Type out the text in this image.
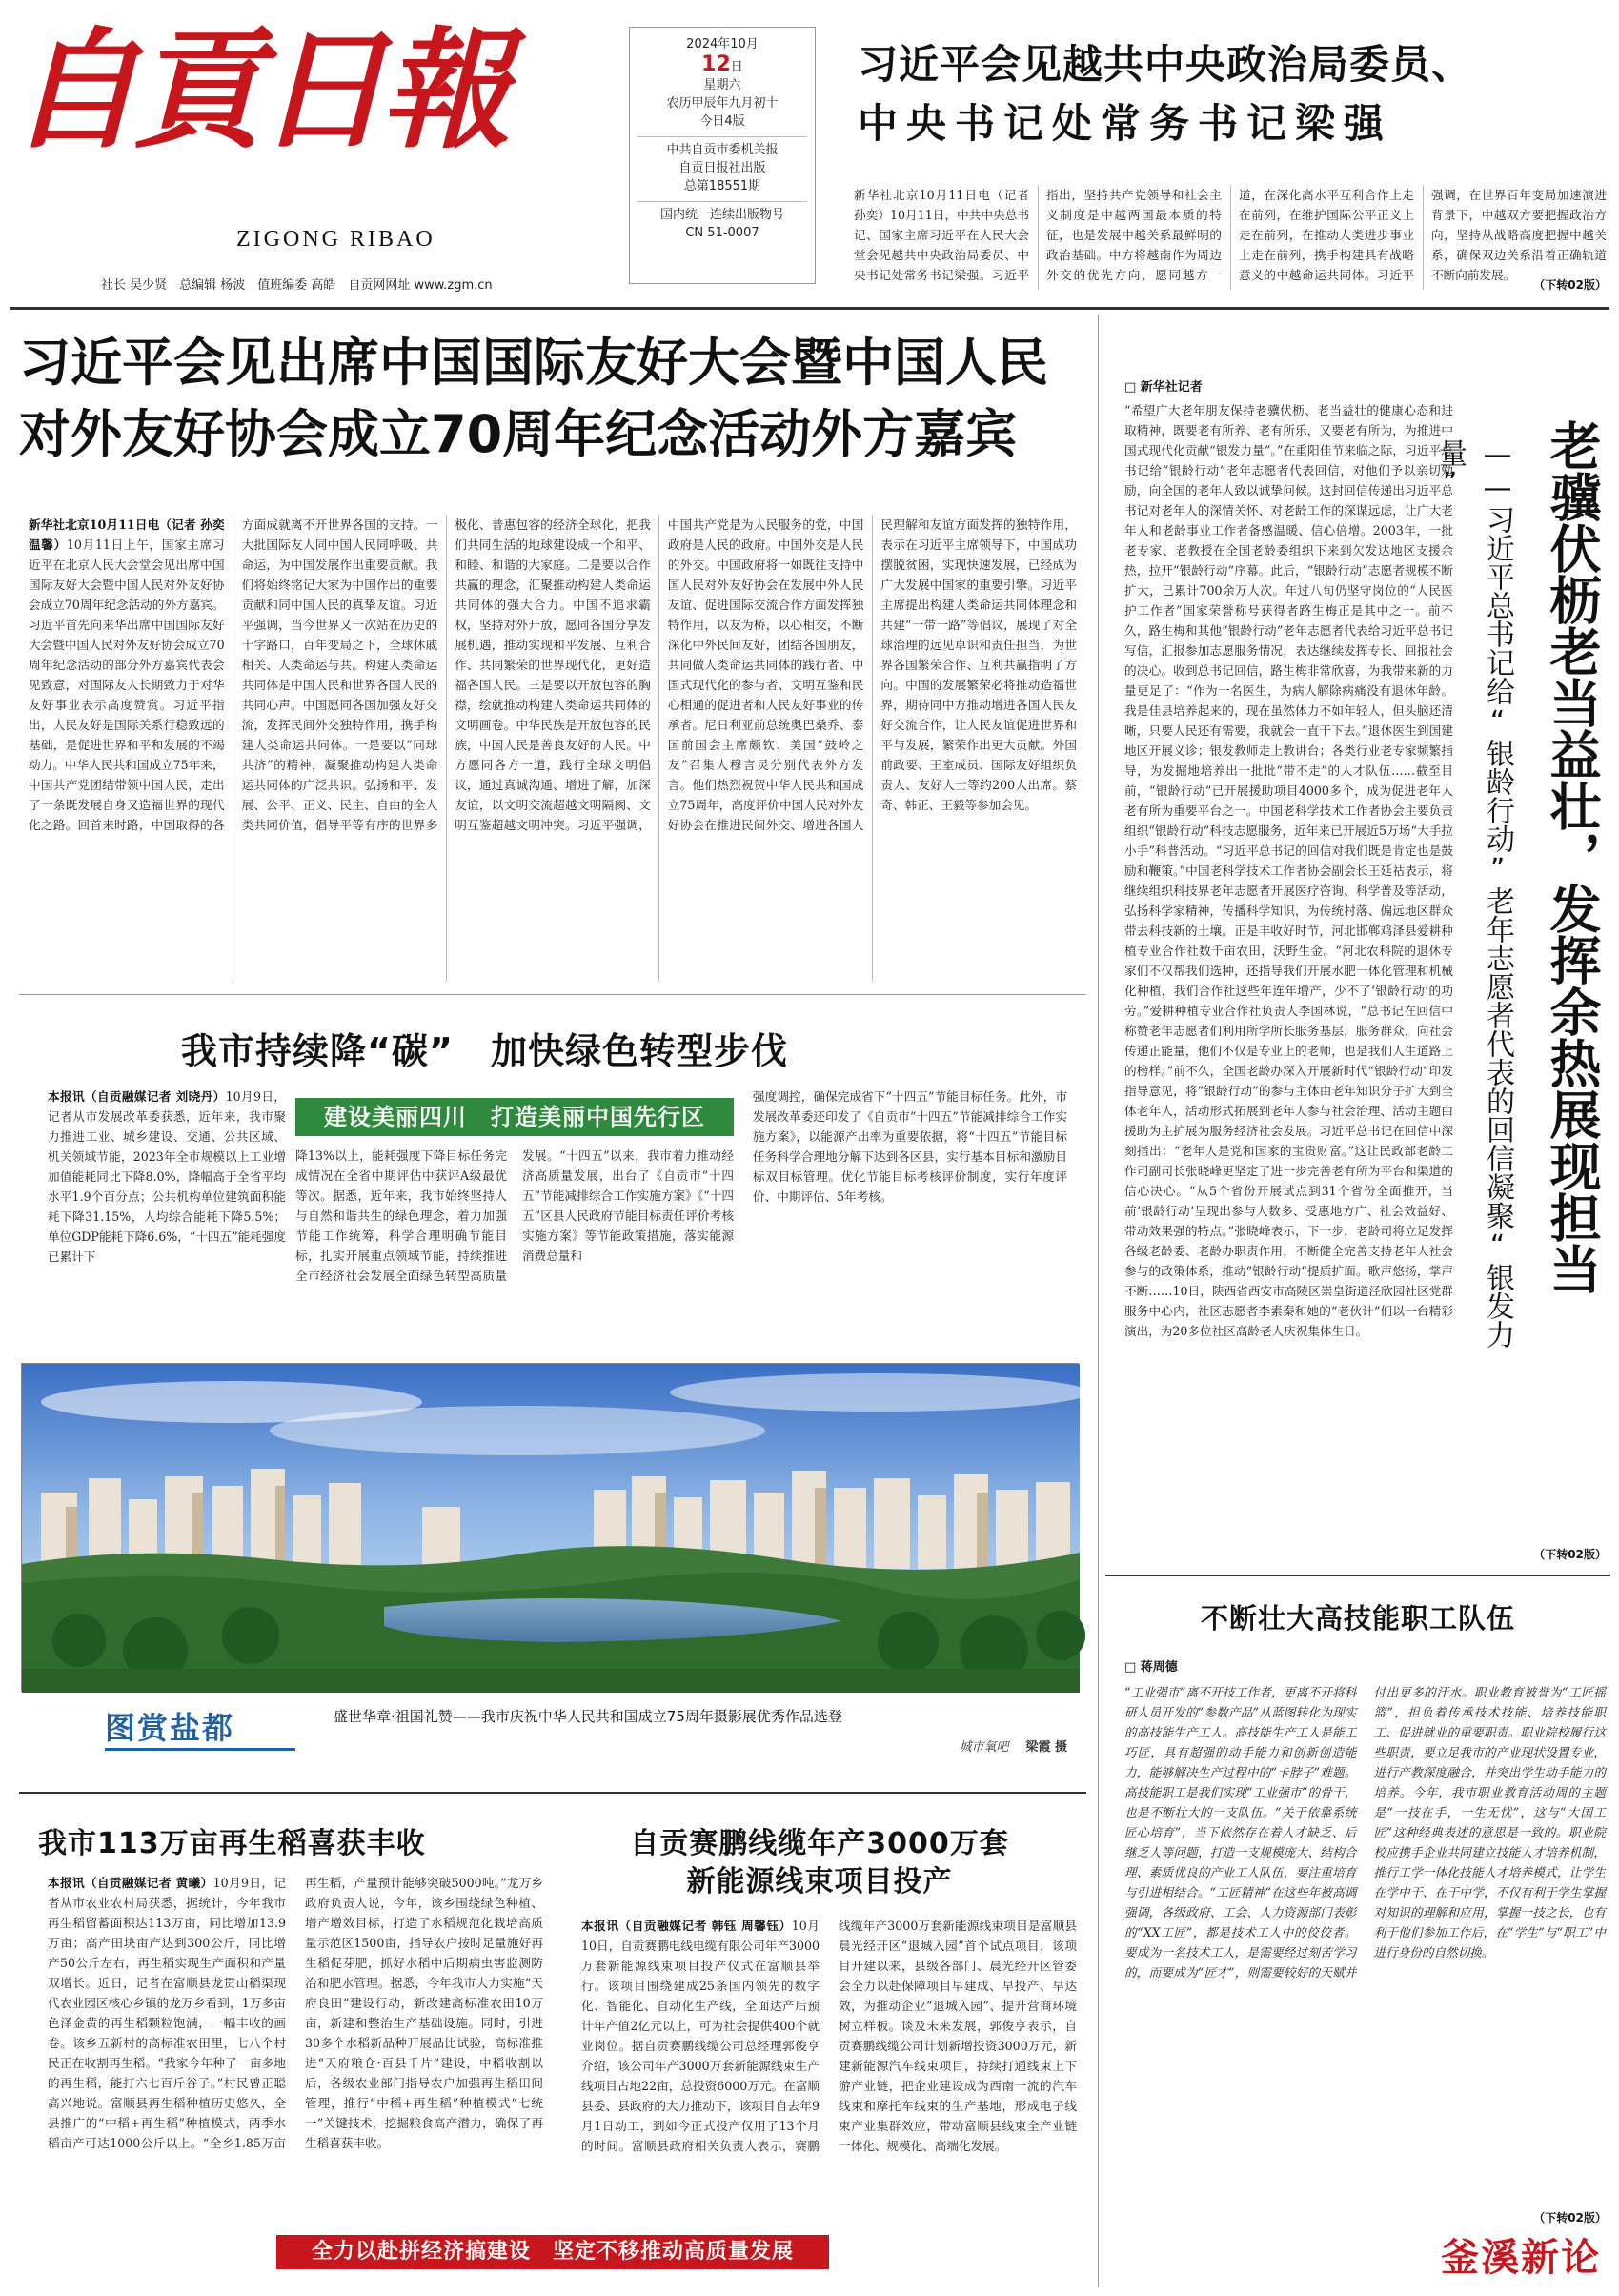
自貢日報
ZIGONG RIBAO
社长 吴少贤　总编辑 杨波　值班编委 高皓　自贡网网址 www.zgm.cn
2024年10月
12日
星期六
农历甲辰年九月初十
今日4版
中共自贡市委机关报
自贡日报社出版
总第18551期
国内统一连续出版物号
CN 51-0007
习近平会见越共中央政治局委员、
中央书记处常务书记梁强
新华社北京10月11日电（记者 孙奕）10月11日，中共中央总书记、国家主席习近平在人民大会堂会见越共中央政治局委员、中央书记处常务书记梁强。习近平指出，坚持共产党领导和社会主义制度是中越两国最本质的特征，也是发展中越关系最鲜明的政治基础。中方将越南作为周边外交的优先方向，愿同越方一道，在深化高水平互利合作上走在前列，在维护国际公平正义上走在前列，在推动人类进步事业上走在前列，携手构建具有战略意义的中越命运共同体。习近平强调，在世界百年变局加速演进背景下，中越双方要把握政治方向，坚持从战略高度把握中越关系，确保双边关系沿着正确轨道不断向前发展。
（下转02版）
习近平会见出席中国国际友好大会暨中国人民
对外友好协会成立70周年纪念活动外方嘉宾
新华社北京10月11日电（记者 孙奕 温馨）10月11日上午，国家主席习近平在北京人民大会堂会见出席中国国际友好大会暨中国人民对外友好协会成立70周年纪念活动的外方嘉宾。习近平首先向来华出席中国国际友好大会暨中国人民对外友好协会成立70周年纪念活动的部分外方嘉宾代表会见致意，对国际友人长期致力于对华友好事业表示高度赞赏。习近平指出，人民友好是国际关系行稳致远的基础，是促进世界和平和发展的不竭动力。中华人民共和国成立75年来，中国共产党团结带领中国人民，走出了一条既发展自身又造福世界的现代化之路。回首来时路，中国取得的各方面成就离不开世界各国的支持。一大批国际友人同中国人民同呼吸、共命运，为中国发展作出重要贡献。我们将始终铭记大家为中国作出的重要贡献和同中国人民的真挚友谊。习近平强调，当今世界又一次站在历史的十字路口，百年变局之下，全球休戚相关、人类命运与共。构建人类命运共同体是中国人民和世界各国人民的共同心声。中国愿同各国加强友好交流，发挥民间外交独特作用，携手构建人类命运共同体。一是要以“同球共济”的精神，凝聚推动构建人类命运共同体的广泛共识。弘扬和平、发展、公平、正义、民主、自由的全人类共同价值，倡导平等有序的世界多极化、普惠包容的经济全球化，把我们共同生活的地球建设成一个和平、和睦、和谐的大家庭。二是要以合作共赢的理念，汇聚推动构建人类命运共同体的强大合力。中国不追求霸权，坚持对外开放，愿同各国分享发展机遇，推动实现和平发展、互利合作、共同繁荣的世界现代化，更好造福各国人民。三是要以开放包容的胸襟，绘就推动构建人类命运共同体的文明画卷。中华民族是开放包容的民族，中国人民是善良友好的人民。中方愿同各方一道，践行全球文明倡议，通过真诚沟通、增进了解，加深友谊，以文明交流超越文明隔阂、文明互鉴超越文明冲突。习近平强调，中国共产党是为人民服务的党，中国政府是人民的政府。中国外交是人民的外交。中国政府将一如既往支持中国人民对外友好协会在发展中外人民友谊、促进国际交流合作方面发挥独特作用，以友为桥，以心相交，不断深化中外民间友好，团结各国朋友，共同做人类命运共同体的践行者、中国式现代化的参与者、文明互鉴和民心相通的促进者和人民友好事业的传承者。尼日利亚前总统奥巴桑乔、泰国前国会主席颇钦、美国“鼓岭之友”召集人穆言灵分别代表外方发言。他们热烈祝贺中华人民共和国成立75周年，高度评价中国人民对外友好协会在推进民间外交、增进各国人民理解和友谊方面发挥的独特作用，表示在习近平主席领导下，中国成功摆脱贫困，实现快速发展，已经成为广大发展中国家的重要引擎。习近平主席提出构建人类命运共同体理念和共建“一带一路”等倡议，展现了对全球治理的远见卓识和责任担当，为世界各国繁荣合作、互利共赢指明了方向。中国的发展繁荣必将推动造福世界，期待同中方推动增进各国人民友好交流合作，让人民友谊促进世界和平与发展，繁荣作出更大贡献。外国前政要、王室成员、国际友好组织负责人、友好人士等约200人出席。蔡奇、韩正、王毅等参加会见。
我市持续降“碳”　加快绿色转型步伐
本报讯（自贡融媒记者 刘晓丹）10月9日，记者从市发展改革委获悉，近年来，我市聚力推进工业、城乡建设、交通、公共区域、机关领域节能，2023年全市规模以上工业增加值能耗同比下降8.0%，降幅高于全省平均水平1.9个百分点；公共机构单位建筑面积能耗下降31.15%，人均综合能耗下降5.5%；单位GDP能耗下降6.6%，“十四五”能耗强度已累计下
建设美丽四川　打造美丽中国先行区
降13%以上，能耗强度下降目标任务完成情况在全省中期评估中获评A级最优等次。据悉，近年来，我市始终坚持人与自然和谐共生的绿色理念，着力加强节能工作统筹，科学合理明确节能目标，扎实开展重点领域节能，持续推进全市经济社会发展全面绿色转型高质量发展。“十四五”以来，我市着力推动经济高质量发展，出台了《自贡市“十四五”节能减排综合工作实施方案》《“十四五”区县人民政府节能目标责任评价考核实施方案》等节能政策措施，落实能源消费总量和
强度调控，确保完成省下“十四五”节能目标任务。此外，市发展改革委还印发了《自贡市“十四五”节能减排综合工作实施方案》，以能源产出率为重要依据，将“十四五”节能目标任务科学合理地分解下达到各区县，实行基本目标和激励目标双目标管理。优化节能目标考核评价制度，实行年度评价、中期评估、5年考核。
图赏盐都	盛世华章·祖国礼赞——我市庆祝中华人民共和国成立75周年摄影展优秀作品选登
城市氧吧 梁霞 摄
我市113万亩再生稻喜获丰收
本报讯（自贡融媒记者 黄曦）10月9日，记者从市农业农村局获悉，据统计，今年我市再生稻留蓄面积达113万亩，同比增加13.9万亩；高产田块亩产达到300公斤，同比增产50公斤左右，再生稻实现生产面积和产量双增长。近日，记者在富顺县龙贯山稻渠现代农业园区核心乡镇的龙万乡看到，1万多亩色泽金黄的再生稻颗粒饱满，一幅丰收的画卷。该乡五新村的高标准农田里，七八个村民正在收割再生稻。“我家今年种了一亩多地的再生稻，能打六七百斤谷子。”村民曾正聪高兴地说。富顺县再生稻种植历史悠久，全县推广的“中稻+再生稻”种植模式，两季水稻亩产可达1000公斤以上。“全乡1.85万亩再生稻，产量预计能够突破5000吨。”龙万乡政府负责人说，今年，该乡围绕绿色种植、增产增效目标，打造了水稻规范化栽培高质量示范区1500亩，指导农户按时足量施好再生稻促芽肥，抓好水稻中后期病虫害监测防治和肥水管理。据悉，今年我市大力实施“天府良田”建设行动，新改建高标准农田10万亩，新建和整治生产基础设施。同时，引进30多个水稻新品种开展品比试验，高标准推进“天府粮仓·百县千片”建设，中稻收割以后，各级农业部门指导农户加强再生稻田间管理，推行“中稻+再生稻”种植模式“七统一”关键技术，挖掘粮食高产潜力，确保了再生稻喜获丰收。
自贡赛鹏线缆年产3000万套
新能源线束项目投产
本报讯（自贡融媒记者 韩钰 周馨钰）10月10日，自贡赛鹏电线电缆有限公司年产3000万套新能源线束项目投产仪式在富顺县举行。该项目围绕建成25条国内领先的数字化、智能化、自动化生产线，全面达产后预计年产值2亿元以上，可为社会提供400个就业岗位。据自贡赛鹏线缆公司总经理郭俊亨介绍，该公司年产3000万套新能源线束生产线项目占地22亩，总投资6000万元。在富顺县委、县政府的大力推动下，该项目自去年9月1日动工，到如今正式投产仅用了13个月的时间。富顺县政府相关负责人表示，赛鹏线缆年产3000万套新能源线束项目是富顺县晨光经开区“退城入园”首个试点项目，该项目开建以来，县级各部门、晨光经开区管委会全力以赴保障项目早建成、早投产、早达效，为推动企业“退城入园”、提升营商环境树立样板。谈及未来发展，郭俊亨表示，自贡赛鹏线缆公司计划新增投资3000万元，新建新能源汽车线束项目，持续打通线束上下游产业链，把企业建设成为西南一流的汽车线束和摩托车线束的生产基地，形成电子线束产业集群效应，带动富顺县线束全产业链一体化、规模化、高端化发展。
全力以赴拼经济搞建设　坚定不移推动高质量发展
□ 新华社记者
老骥伏枥老当益壮，发挥余热展现担当
——习近平总书记给“银龄行动”老年志愿者代表的回信凝聚“银发力量”
“希望广大老年朋友保持老骥伏枥、老当益壮的健康心态和进取精神，既要老有所养、老有所乐，又要老有所为，为推进中国式现代化贡献“银发力量”。”在重阳佳节来临之际，习近平总书记给“银龄行动”老年志愿者代表回信，对他们予以亲切勉励，向全国的老年人致以诚挚问候。这封回信传递出习近平总书记对老年人的深情关怀、对老龄工作的深谋远虑，让广大老年人和老龄事业工作者备感温暖、信心倍增。2003年，一批老专家、老教授在全国老龄委组织下来到欠发达地区支援余热，拉开“银龄行动”序幕。此后，“银龄行动”志愿者规模不断扩大，已累计700余万人次。年过八旬仍坚守岗位的“人民医护工作者”国家荣誉称号获得者路生梅正是其中之一。前不久，路生梅和其他“银龄行动”老年志愿者代表给习近平总书记写信，汇报参加志愿服务情况，表达继续发挥专长、回报社会的决心。收到总书记回信，路生梅非常欣喜，为我带来新的力量更足了：“作为一名医生，为病人解除病痛没有退休年龄。我是佳县培养起来的，现在虽然体力不如年轻人，但头脑还清晰，只要人民还有需要，我就会一直干下去。”退休医生到国建地区开展义诊；银发教师走上教讲台；各类行业老专家频繁指导，为发掘地培养出一批批“带不走”的人才队伍……截至目前，“银龄行动”已开展援助项目4000多个，成为促进老年人老有所为重要平台之一。中国老科学技术工作者协会主要负责组织“银龄行动”科技志愿服务，近年来已开展近5万场“大手拉小手”科普活动。“习近平总书记的回信对我们既是肯定也是鼓励和鞭策。”中国老科学技术工作者协会副会长王延祜表示，将继续组织科技界老年志愿者开展医疗咨询、科学普及等活动，弘扬科学家精神，传播科学知识，为传统村落、偏远地区群众带去科技新的土壤。正是丰收好时节，河北邯郸鸡泽县爱耕种植专业合作社数千亩农田，沃野生金。“河北农科院的退休专家们不仅帮我们选种，还指导我们开展水肥一体化管理和机械化种植，我们合作社这些年连年增产，少不了‘银龄行动’的功劳。”爱耕种植专业合作社负责人李国林说，“总书记在回信中称赞老年志愿者们利用所学所长服务基层，服务群众，向社会传递正能量，他们不仅是专业上的老师，也是我们人生道路上的榜样。”前不久，全国老龄办深入开展新时代“银龄行动”印发指导意见，将“银龄行动”的参与主体由老年知识分子扩大到全体老年人，活动形式拓展到老年人参与社会治理、活动主题由援助为主扩展为服务经济社会发展。习近平总书记在回信中深刻指出：“老年人是党和国家的宝贵财富。”这让民政部老龄工作司副司长张晓峰更坚定了进一步完善老有所为平台和渠道的信心决心。“从5个省份开展试点到31个省份全面推开，当前‘银龄行动’呈现出参与人数多、受惠地方广、社会效益好、带动效果强的特点。”张晓峰表示，下一步，老龄司将立足发挥各级老龄委、老龄办职责作用，不断健全完善支持老年人社会参与的政策体系，推动“银龄行动”提质扩面。歌声悠扬，掌声不断……10日，陕西省西安市高陵区崇皇街道泾欣园社区党群服务中心内，社区志愿者李素秦和她的“老伙计”们以一台精彩演出，为20多位社区高龄老人庆祝集体生日。
（下转02版）
不断壮大高技能职工队伍
□ 蒋周德
“工业强市”离不开技工作者，更离不开将科研人员开发的“参数产品”从蓝图转化为现实的高技能生产工人。高技能生产工人是能工巧匠，具有超强的动手能力和创新创造能力，能够解决生产过程中的“卡脖子”难题。高技能职工是我们实现“工业强市”的骨干，也是不断壮大的一支队伍。“关于依靠系统匠心培育”，当下依然存在着人才缺乏、后继乏人等问题，打造一支规模庞大、结构合理、素质优良的产业工人队伍，要注重培育与引进相结合。“工匠精神”在这些年被高调强调，各级政府、工会、人力资源部门表彰的“XX工匠”，都是技术工人中的佼佼者。要成为一名技术工人，是需要经过刻苦学习的，而要成为“匠才”，则需要较好的天赋并付出更多的汗水。职业教育被誉为“工匠摇篮”，担负着传承技术技能、培养技能职工、促进就业的重要职责。职业院校履行这些职责，要立足我市的产业现状设置专业，进行产教深度融合，并突出学生动手能力的培养。今年，我市职业教育活动周的主题是“一技在手，一生无忧”，这与“大国工匠”这种经典表述的意思是一致的。职业院校应携手企业共同建立技能人才培养机制，推行工学一体化技能人才培养模式，让学生在学中干、在干中学，不仅有利于学生掌握对知识的理解和应用，掌握一技之长，也有利于他们参加工作后，在“学生”与“职工”中进行身份的自然切换。
（下转02版）
釜溪新论
